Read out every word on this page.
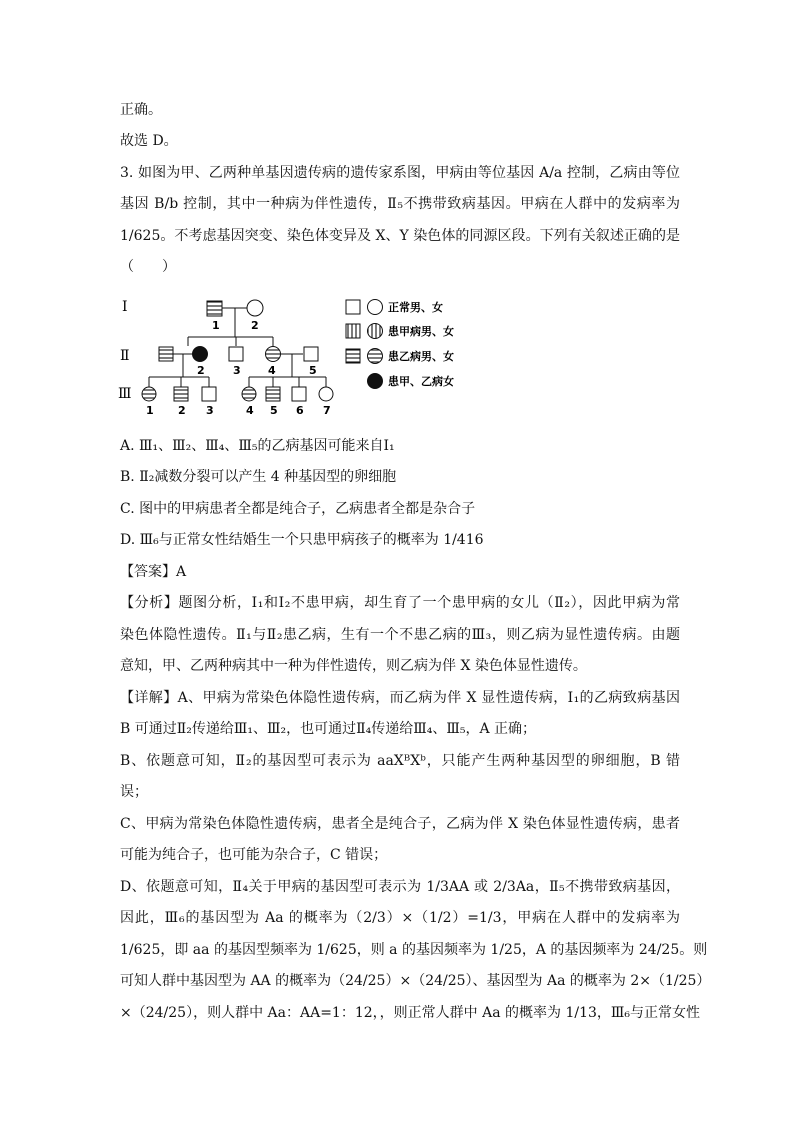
正确。
故选 D。
3. 如图为甲、乙两种单基因遗传病的遗传家系图，甲病由等位基因 A/a 控制，乙病由等位
基因 B/b 控制，其中一种病为伴性遗传，Ⅱ₅不携带致病基因。甲病在人群中的发病率为
1/625。不考虑基因突变、染色体变异及 X、Y 染色体的同源区段。下列有关叙述正确的是
（　　）
Ⅰ
Ⅱ
Ⅲ
1	2
2	3 4	5
1 2 3	4 5 6 7
正常男、女
患甲病男、女
患乙病男、女
患甲、乙病女
A. Ⅲ₁、Ⅲ₂、Ⅲ₄、Ⅲ₅的乙病基因可能来自Ⅰ₁
B. Ⅱ₂减数分裂可以产生 4 种基因型的卵细胞
C. 图中的甲病患者全都是纯合子，乙病患者全都是杂合子
D. Ⅲ₆与正常女性结婚生一个只患甲病孩子的概率为 1/416
【答案】A
【分析】题图分析，Ⅰ₁和Ⅰ₂不患甲病，却生育了一个患甲病的女儿（Ⅱ₂），因此甲病为常
染色体隐性遗传。Ⅱ₁与Ⅱ₂患乙病，生有一个不患乙病的Ⅲ₃，则乙病为显性遗传病。由题
意知，甲、乙两种病其中一种为伴性遗传，则乙病为伴 X 染色体显性遗传。
【详解】A、甲病为常染色体隐性遗传病，而乙病为伴 X 显性遗传病，Ⅰ₁的乙病致病基因
B 可通过Ⅱ₂传递给Ⅲ₁、Ⅲ₂，也可通过Ⅱ₄传递给Ⅲ₄、Ⅲ₅，A 正确；
B、依题意可知，Ⅱ₂的基因型可表示为 aaXᴮXᵇ，只能产生两种基因型的卵细胞，B 错
误；
C、甲病为常染色体隐性遗传病，患者全是纯合子，乙病为伴 X 染色体显性遗传病，患者
可能为纯合子，也可能为杂合子，C 错误；
D、依题意可知，Ⅱ₄关于甲病的基因型可表示为 1/3AA 或 2/3Aa，Ⅱ₅不携带致病基因，
因此，Ⅲ₆的基因型为 Aa 的概率为（2/3）×（1/2）=1/3，甲病在人群中的发病率为
1/625，即 aa 的基因型频率为 1/625，则 a 的基因频率为 1/25，A 的基因频率为 24/25。则
可知人群中基因型为 AA 的概率为（24/25）×（24/25）、基因型为 Aa 的概率为 2×（1/25）
×（24/25），则人群中 Aa：AA=1：12，，则正常人群中 Aa 的概率为 1/13，Ⅲ₆与正常女性
